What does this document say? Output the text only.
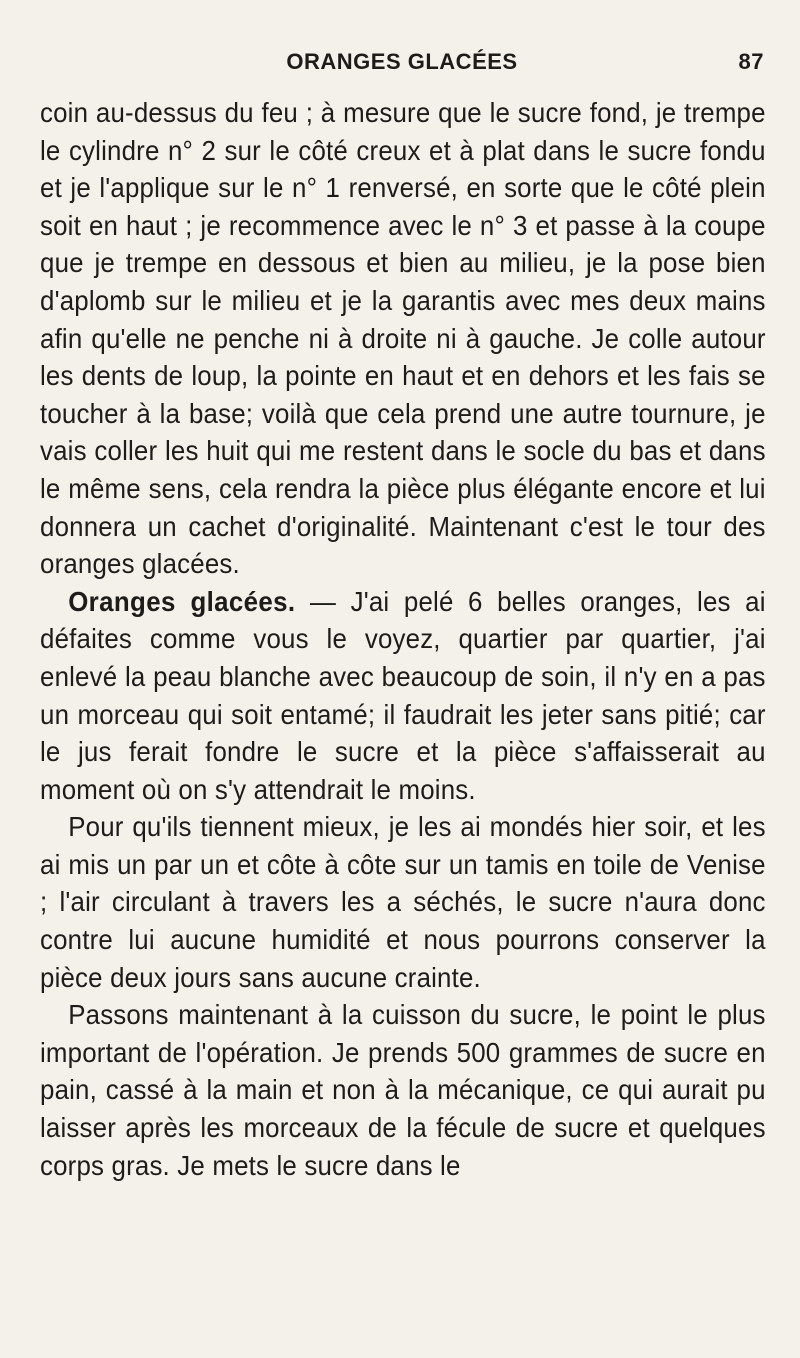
ORANGES GLACÉES	87

coin au-dessus du feu ; à mesure que le sucre fond, je trempe le cylindre n° 2 sur le côté creux et à plat dans le sucre fondu et je l'applique sur le n° 1 renversé, en sorte que le côté plein soit en haut ; je recommence avec le n° 3 et passe à la coupe que je trempe en dessous et bien au milieu, je la pose bien d'aplomb sur le milieu et je la garantis avec mes deux mains afin qu'elle ne penche ni à droite ni à gauche. Je colle autour les dents de loup, la pointe en haut et en dehors et les fais se toucher à la base; voilà que cela prend une autre tournure, je vais coller les huit qui me restent dans le socle du bas et dans le même sens, cela rendra la pièce plus élégante encore et lui donnera un cachet d'originalité. Maintenant c'est le tour des oranges glacées.

Oranges glacées. — J'ai pelé 6 belles oranges, les ai défaites comme vous le voyez, quartier par quartier, j'ai enlevé la peau blanche avec beaucoup de soin, il n'y en a pas un morceau qui soit entamé; il faudrait les jeter sans pitié; car le jus ferait fondre le sucre et la pièce s'affaisserait au moment où on s'y attendrait le moins.

Pour qu'ils tiennent mieux, je les ai mondés hier soir, et les ai mis un par un et côte à côte sur un tamis en toile de Venise ; l'air circulant à travers les a séchés, le sucre n'aura donc contre lui aucune humidité et nous pourrons conserver la pièce deux jours sans aucune crainte.

Passons maintenant à la cuisson du sucre, le point le plus important de l'opération. Je prends 500 grammes de sucre en pain, cassé à la main et non à la mécanique, ce qui aurait pu laisser après les morceaux de la fécule de sucre et quelques corps gras. Je mets le sucre dans le
